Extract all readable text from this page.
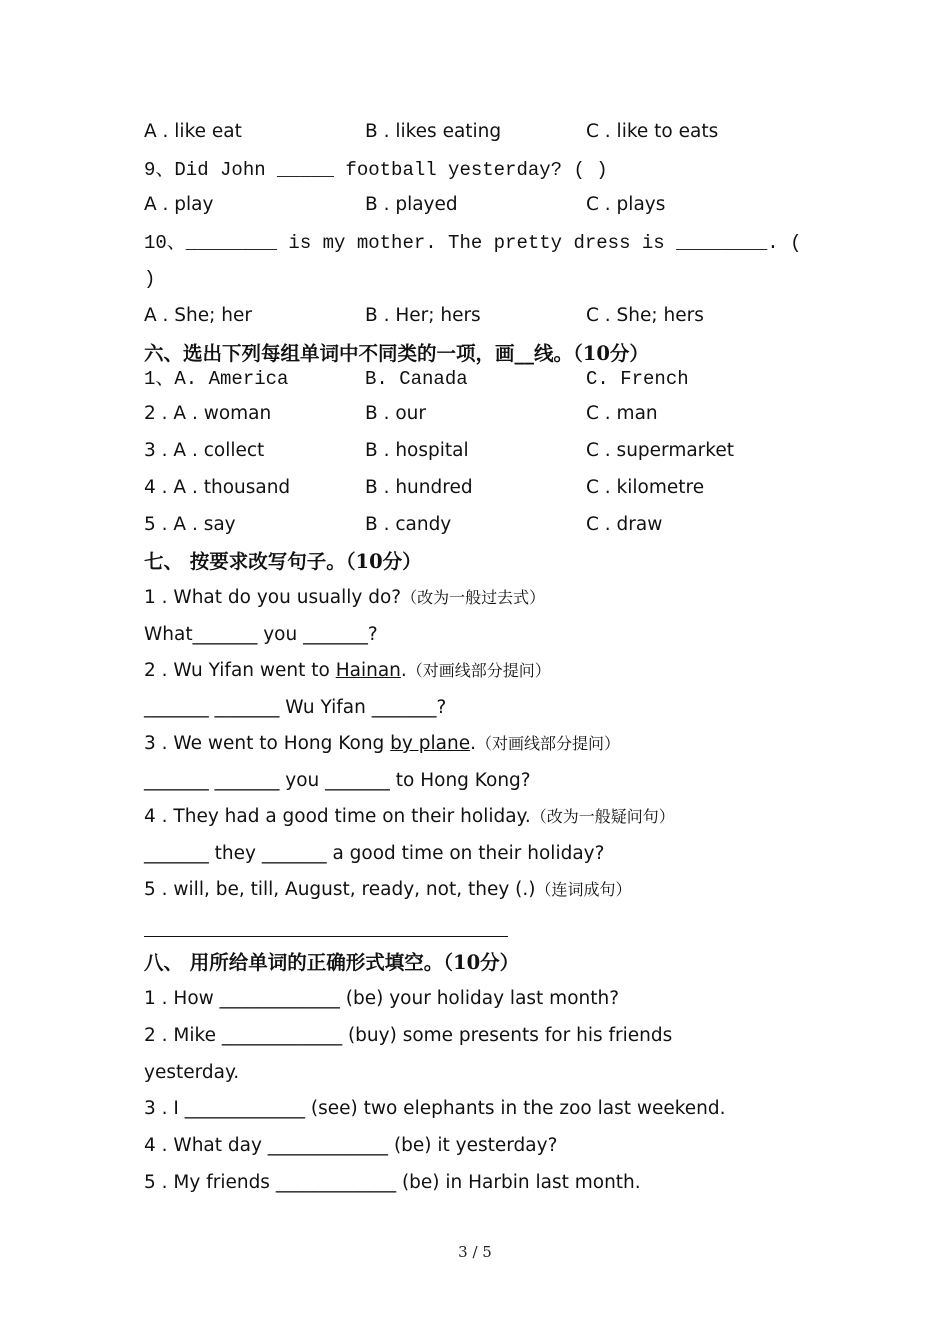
A . like eat	B . likes eating	C . like to eats
9、Did John _____ football yesterday? ( )
A . play	B . played	C . plays
10、________ is my mother. The pretty dress is ________. (
)
A . She; her	B . Her; hers	C . She; hers
六、选出下列每组单词中不同类的一项，画__线。（10分）
1、A. America	B. Canada	C. French
2 . A . woman	B . our	C . man
3 . A . collect	B . hospital	C . supermarket
4 . A . thousand	B . hundred	C . kilometre
5 . A . say	B . candy	C . draw
七、 按要求改写句子。（10分）
1 . What do you usually do?（改为一般过去式）
What_______ you _______?
2 . Wu Yifan went to Hainan.（对画线部分提问）
_______ _______ Wu Yifan _______?
3 . We went to Hong Kong by plane.（对画线部分提问）
_______ _______ you _______ to Hong Kong?
4 . They had a good time on their holiday.（改为一般疑问句）
_______ they _______ a good time on their holiday?
5 . will, be, till, August, ready, not, they (.)（连词成句）
八、 用所给单词的正确形式填空。（10分）
1 . How _____________ (be) your holiday last month?
2 . Mike _____________ (buy) some presents for his friends
yesterday.
3 . I _____________ (see) two elephants in the zoo last weekend.
4 . What day _____________ (be) it yesterday?
5 . My friends _____________ (be) in Harbin last month.
3 / 5
